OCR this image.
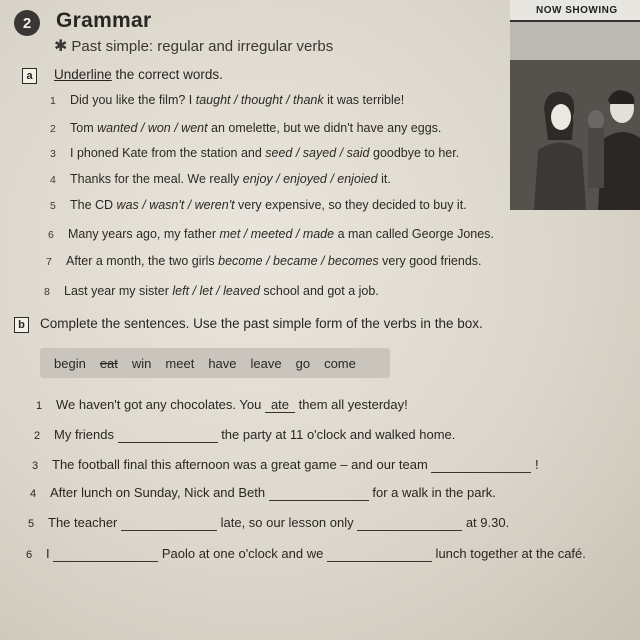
NOW SHOWING
2	Grammar
✱ Past simple: regular and irregular verbs
a	Underline the correct words.
1 Did you like the film? I taught / thought / thank it was terrible!
2 Tom wanted / won / went an omelette, but we didn't have any eggs.
3 I phoned Kate from the station and seed / sayed / said goodbye to her.
4 Thanks for the meal. We really enjoy / enjoyed / enjoied it.
5 The CD was / wasn't / weren't very expensive, so they decided to buy it.
6 Many years ago, my father met / meeted / made a man called George Jones.
7 After a month, the two girls become / became / becomes very good friends.
8 Last year my sister left / let / leaved school and got a job.
b	Complete the sentences. Use the past simple form of the verbs in the box.
begin eat win meet have leave go come
1 We haven't got any chocolates. You ate them all yesterday!
2 My friends	the party at 11 o'clock and walked home.
3 The football final this afternoon was a great game – and our team	!
4 After lunch on Sunday, Nick and Beth	for a walk in the park.
5 The teacher	late, so our lesson only	at 9.30.
6 I	Paolo at one o'clock and we	lunch together at the café.
